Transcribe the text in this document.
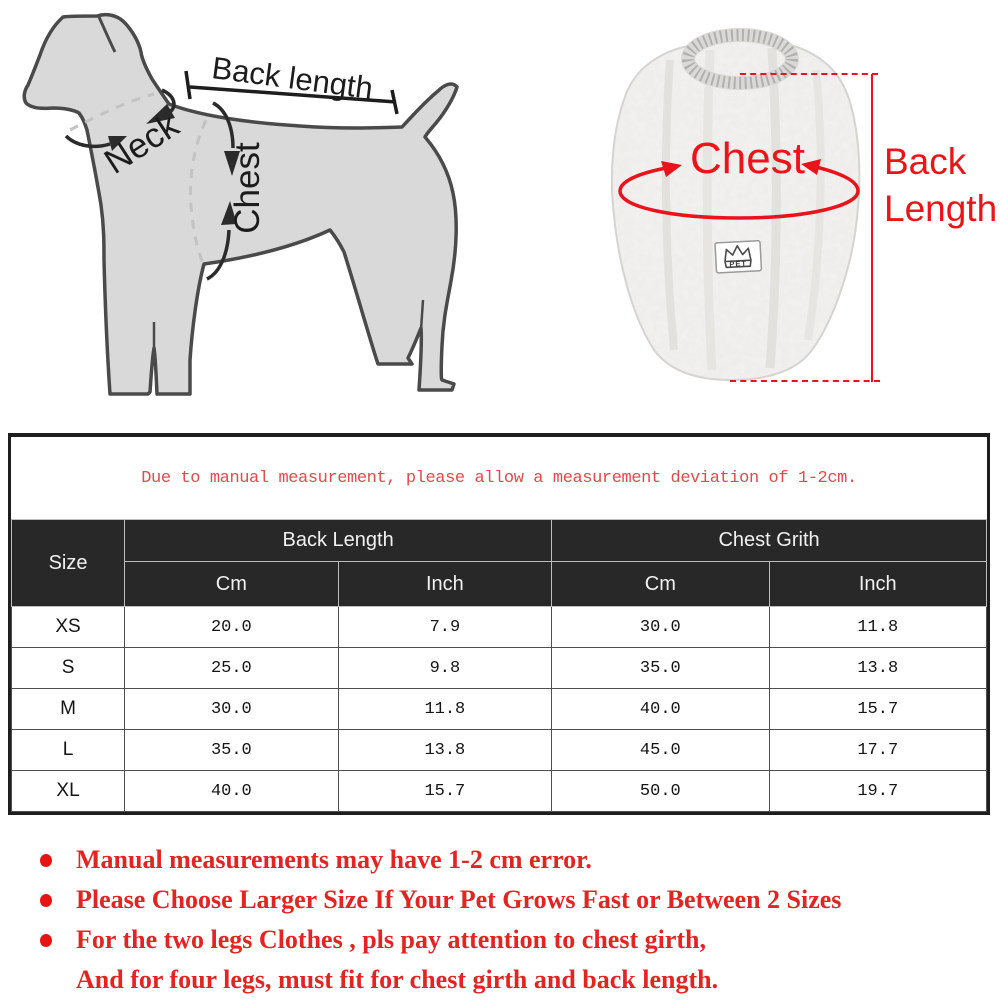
Back length
Neck Chest
PET
Chest Back
Length
Due to manual measurement, please allow a measurement deviation of 1-2cm.
Size	Back Length		Chest Grith	
	Cm	Inch	Cm	Inch
XS	20.0	7.9	30.0	11.8
S	25.0	9.8	35.0	13.8
M	30.0	11.8	40.0	15.7
L	35.0	13.8	45.0	17.7
XL	40.0	15.7	50.0	19.7
Manual measurements may have 1-2 cm error.
Please Choose Larger Size If Your Pet Grows Fast or Between 2 Sizes
For the two legs Clothes , pls pay attention to chest girth,
And for four legs, must fit for chest girth and back length.
